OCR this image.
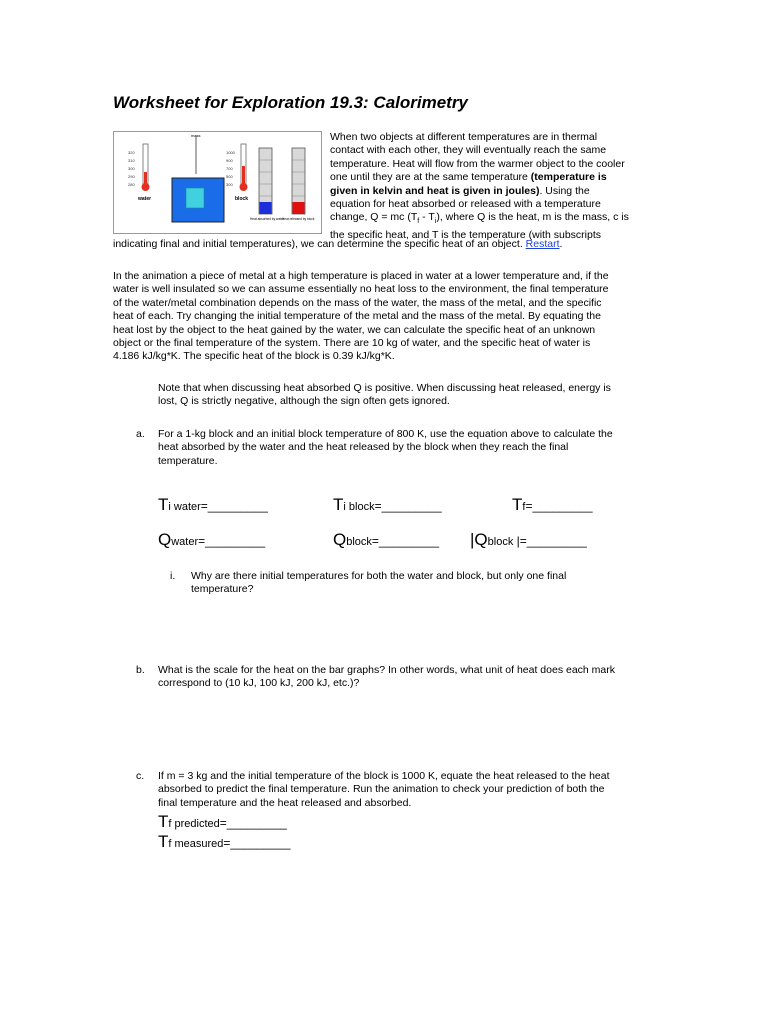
Worksheet for Exploration 19.3: Calorimetry
320
310
300
290
280
water
mass
1000
900
700
500
300
block
Heat absorbed by water
Heat released by block
When two objects at different temperatures are in thermal
contact with each other, they will eventually reach the same
temperature. Heat will flow from the warmer object to the cooler
one until they are at the same temperature (temperature is
given in kelvin and heat is given in joules). Using the
equation for heat absorbed or released with a temperature
change, Q = mc $(T_f - T_i)$, where Q is the heat, m is the mass, c is
the specific heat, and T is the temperature (with subscripts
indicating final and initial temperatures), we can determine the specific heat of an object. Restart.
In the animation a piece of metal at a high temperature is placed in water at a lower temperature and, if the
water is well insulated so we can assume essentially no heat loss to the environment, the final temperature
of the water/metal combination depends on the mass of the water, the mass of the metal, and the specific
heat of each. Try changing the initial temperature of the metal and the mass of the metal. By equating the
heat lost by the object to the heat gained by the water, we can calculate the specific heat of an unknown
object or the final temperature of the system. There are 10 kg of water, and the specific heat of water is
4.186 kJ/kg*K. The specific heat of the block is 0.39 kJ/kg*K.
Note that when discussing heat absorbed Q is positive. When discussing heat released, energy is
lost, Q is strictly negative, although the sign often gets ignored.
a. For a 1-kg block and an initial block temperature of 800 K, use the equation above to calculate the
heat absorbed by the water and the heat released by the block when they reach the final
temperature.
Ti water=_________	Ti block=_________	Tf=_________
Qwater=_________	Qblock=_________ |Qblock |=_________
i. Why are there initial temperatures for both the water and block, but only one final
temperature?
b. What is the scale for the heat on the bar graphs? In other words, what unit of heat does each mark
correspond to (10 kJ, 100 kJ, 200 kJ, etc.)?
c. If m = 3 kg and the initial temperature of the block is 1000 K, equate the heat released to the heat
absorbed to predict the final temperature. Run the animation to check your prediction of both the
final temperature and the heat released and absorbed.
Tf predicted=_________
Tf measured=_________
